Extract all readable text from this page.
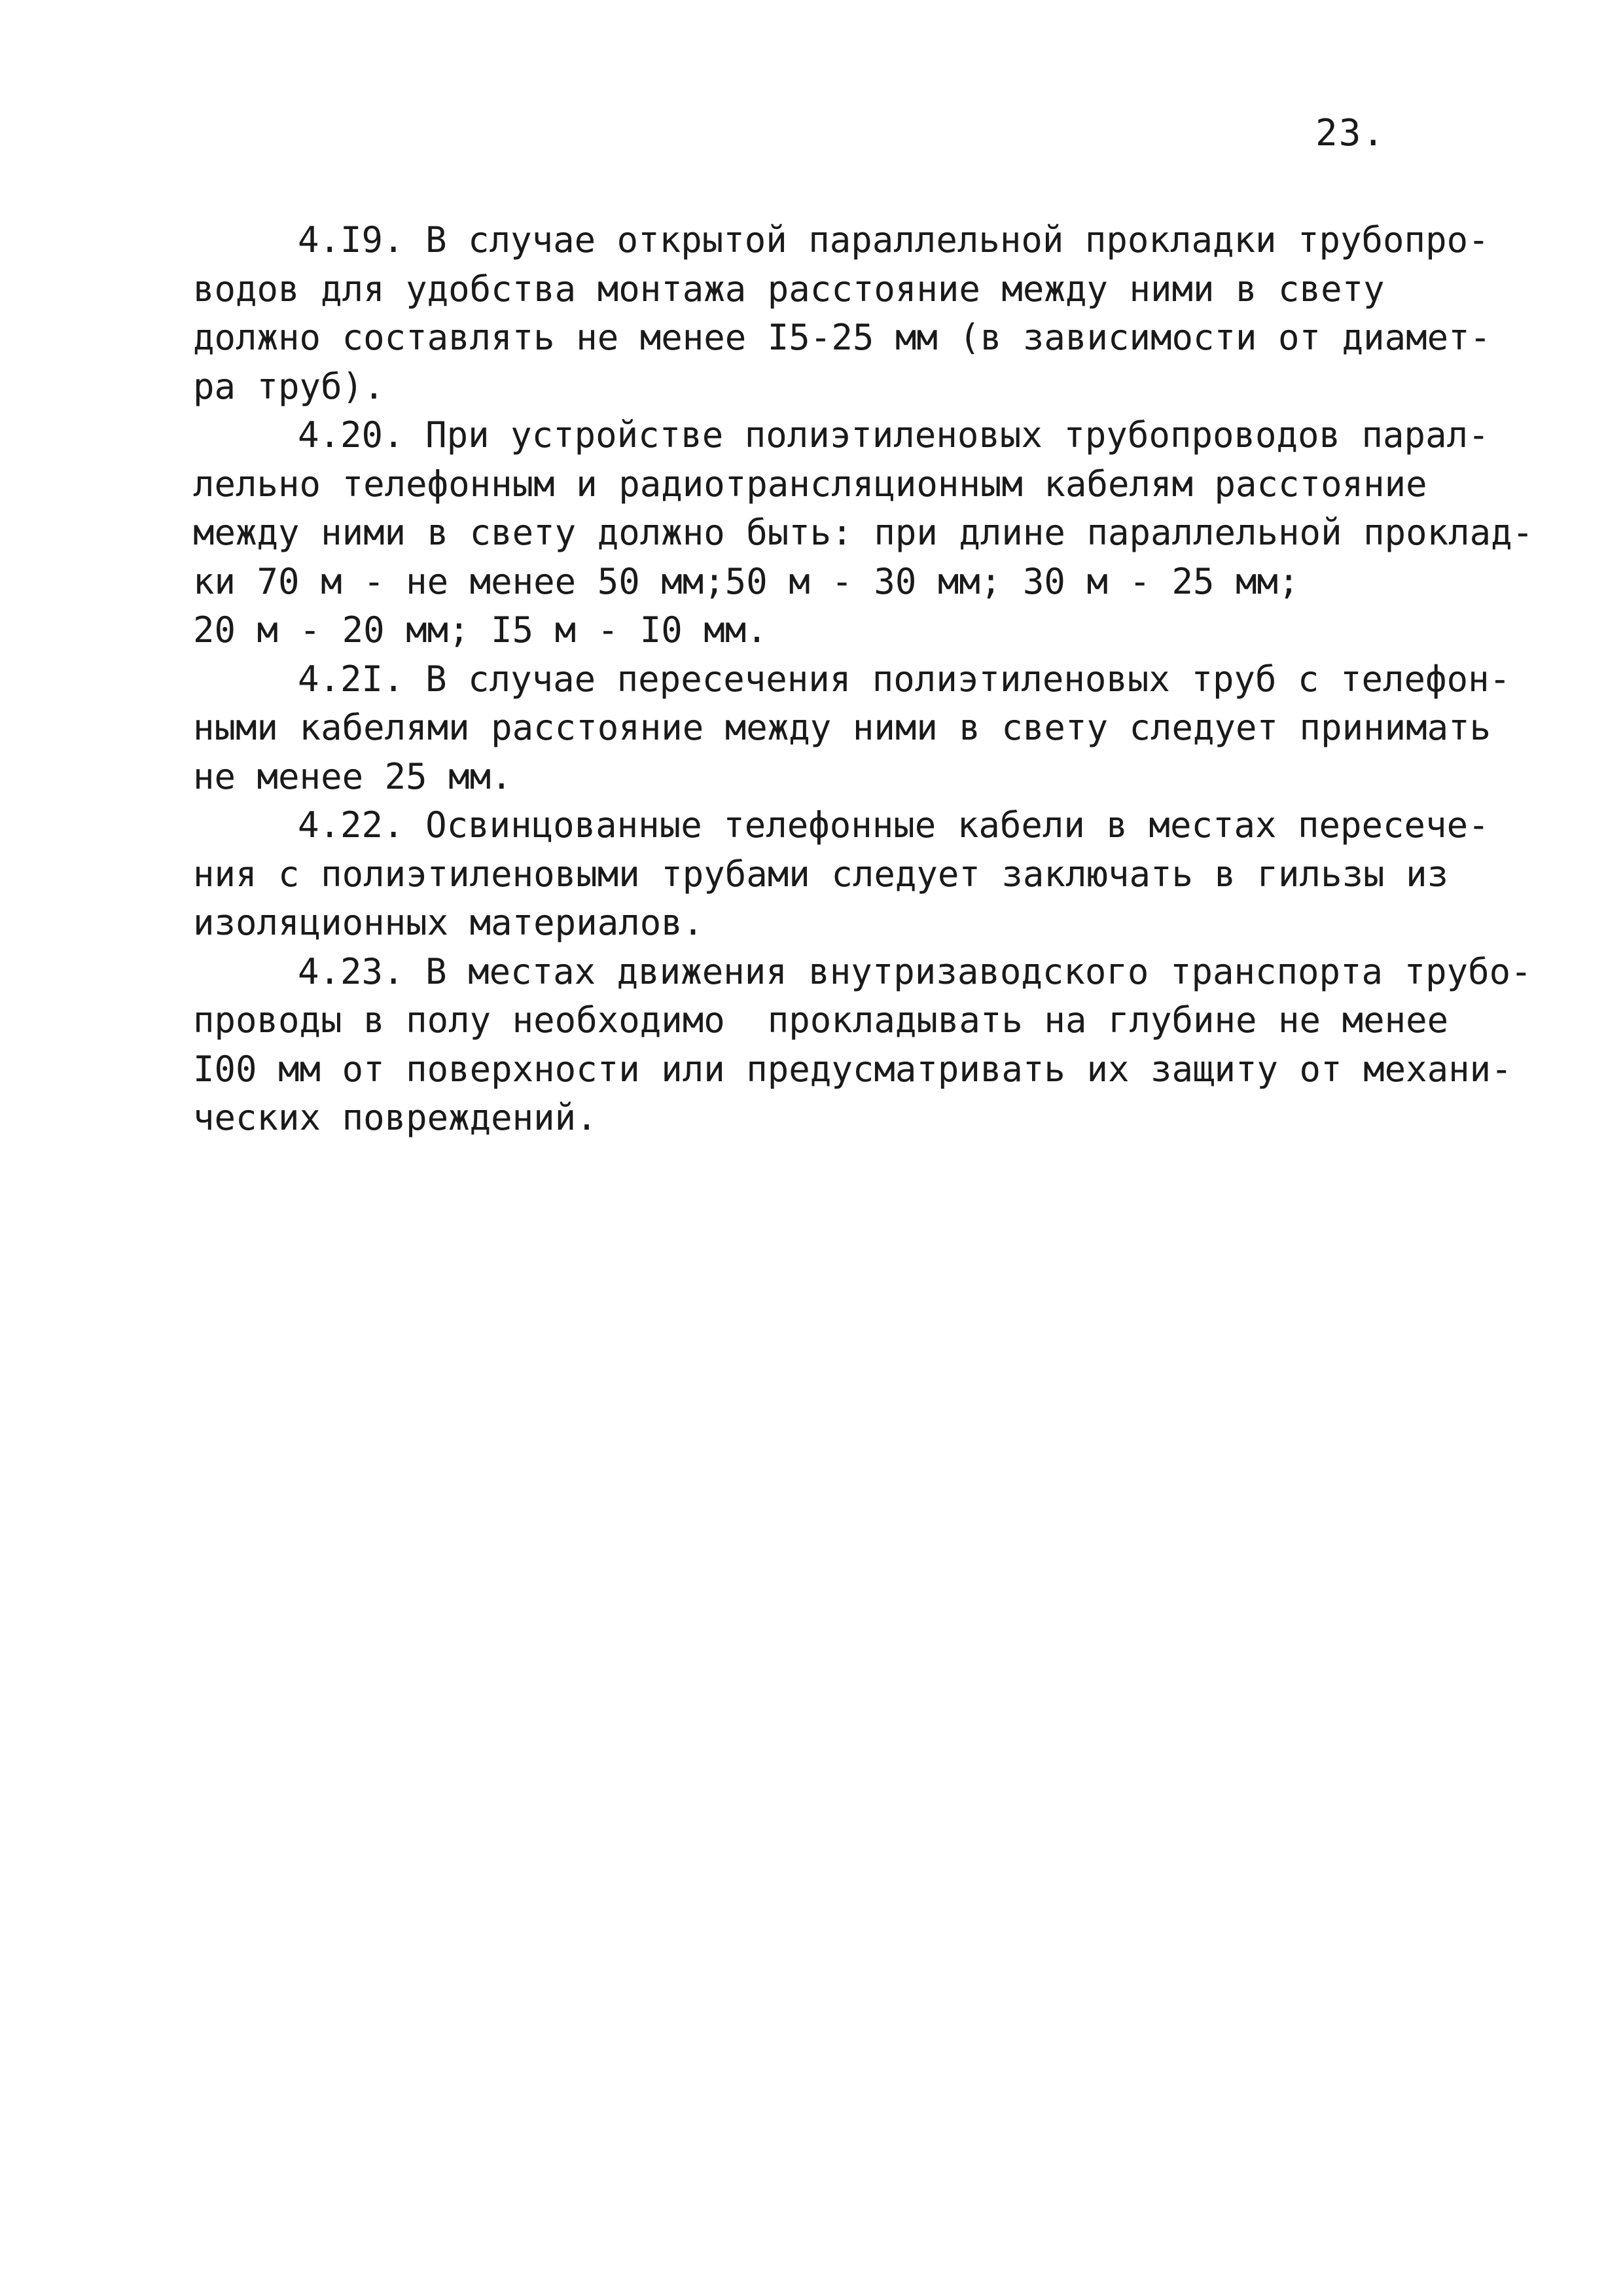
23.
4.I9. В случае открытой параллельной прокладки трубопро-
водов для удобства монтажа расстояние между ними в свету
должно составлять не менее I5-25 мм (в зависимости от диамет-
ра труб).
4.20. При устройстве полиэтиленовых трубопроводов парал-
лельно телефонным и радиотрансляционным кабелям расстояние
между ними в свету должно быть: при длине параллельной проклад-
ки 70 м - не менее 50 мм;50 м - 30 мм; 30 м - 25 мм;
20 м - 20 мм; I5 м - I0 мм.
4.2I. В случае пересечения полиэтиленовых труб с телефон-
ными кабелями расстояние между ними в свету следует принимать
не менее 25 мм.
4.22. Освинцованные телефонные кабели в местах пересече-
ния с полиэтиленовыми трубами следует заключать в гильзы из
изоляционных материалов.
4.23. В местах движения внутризаводского транспорта трубо-
проводы в полу необходимо  прокладывать на глубине не менее
I00 мм от поверхности или предусматривать их защиту от механи-
ческих повреждений.
